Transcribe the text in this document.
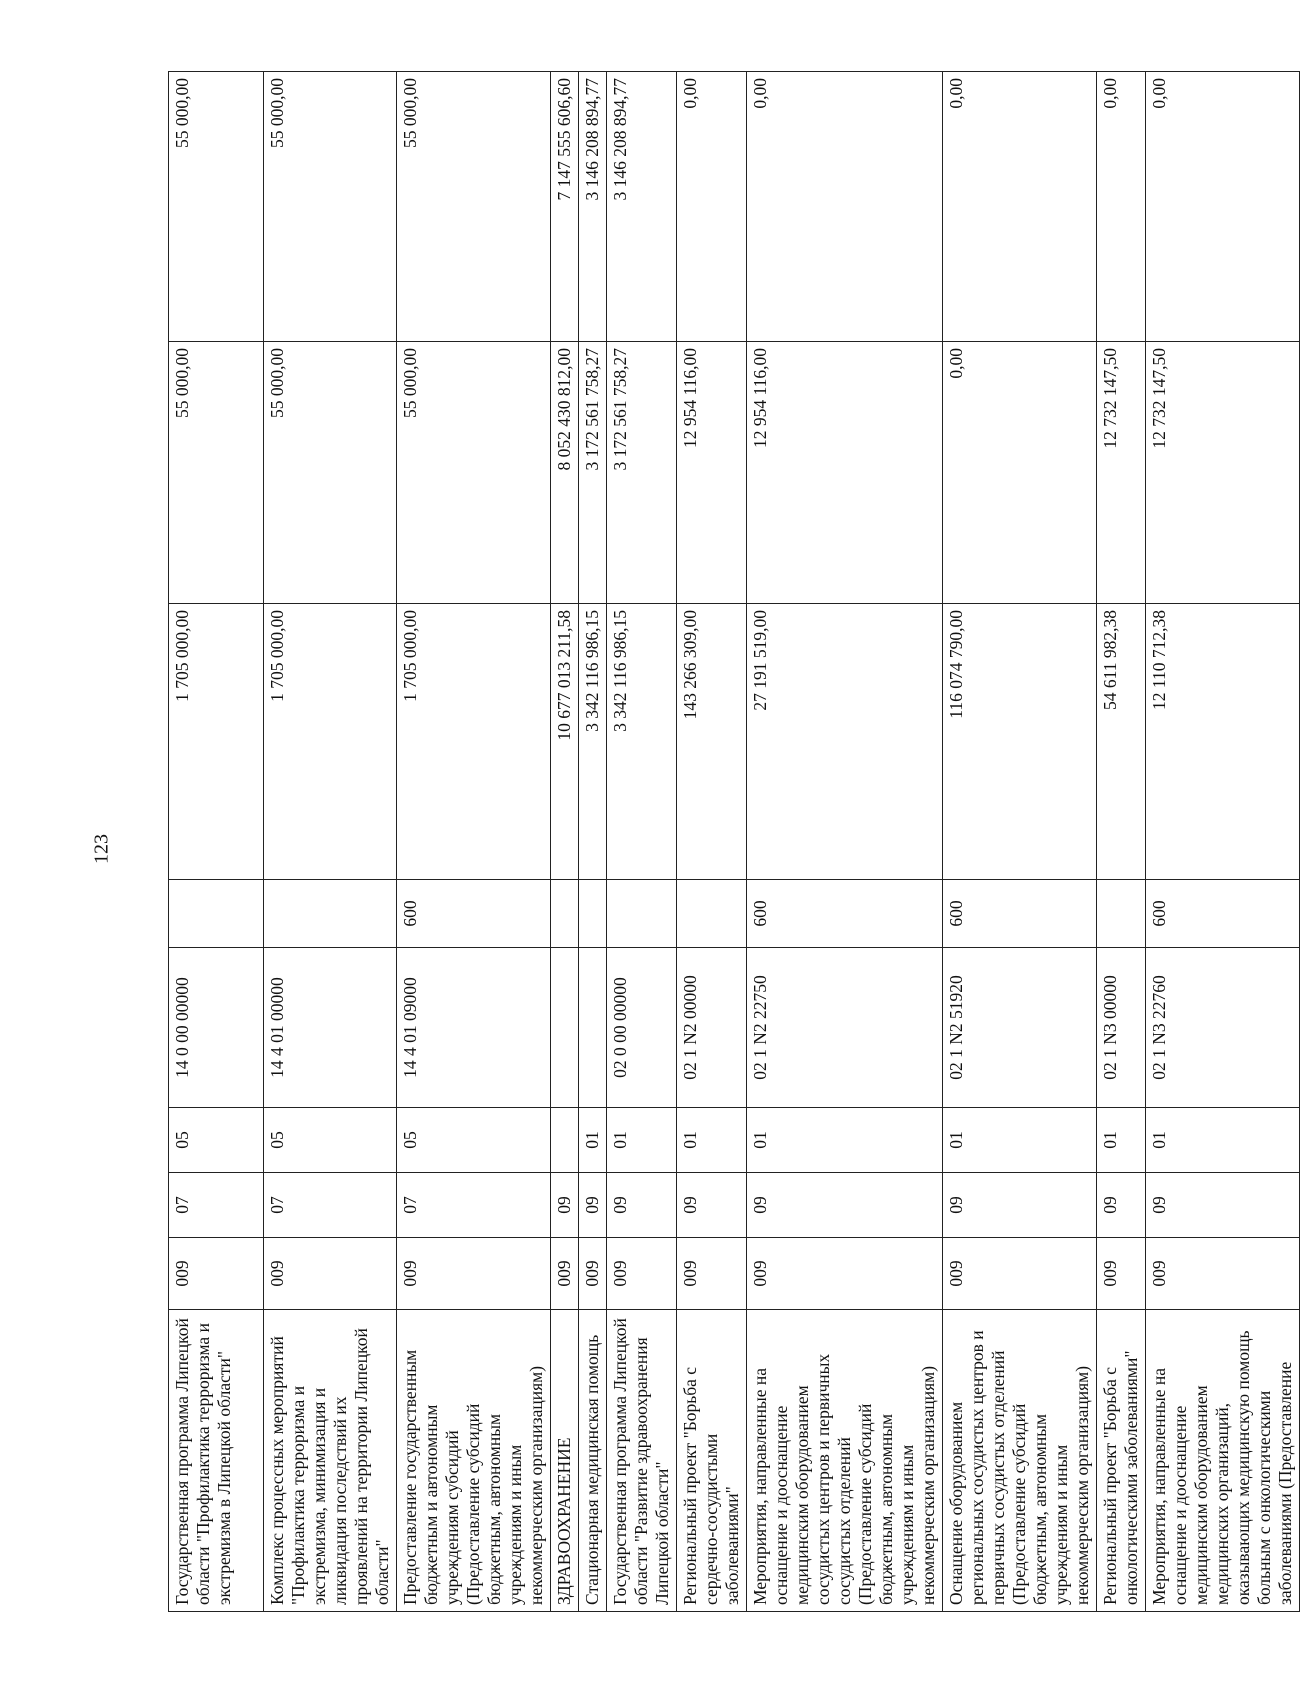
123
Государственная программа Липецкой области "Профилактика терроризма и экстремизма в Липецкой области"	009	07	05	14 0 00 00000		1 705 000,00	55 000,00	55 000,00
Комплекс процессных мероприятий "Профилактика терроризма и экстремизма, минимизация и ликвидация последствий их проявлений на территории Липецкой области"	009	07	05	14 4 01 00000		1 705 000,00	55 000,00	55 000,00
Предоставление государственным бюджетным и автономным учреждениям субсидий (Предоставление субсидий бюджетным, автономным учреждениям и иным некоммерческим организациям)	009	07	05	14 4 01 09000	600	1 705 000,00	55 000,00	55 000,00
ЗДРАВООХРАНЕНИЕ	009	09				10 677 013 211,58	8 052 430 812,00	7 147 555 606,60
Стационарная медицинская помощь	009	09	01			3 342 116 986,15	3 172 561 758,27	3 146 208 894,77
Государственная программа Липецкой области "Развитие здравоохранения Липецкой области"	009	09	01	02 0 00 00000		3 342 116 986,15	3 172 561 758,27	3 146 208 894,77
Региональный проект "Борьба с сердечно-сосудистыми заболеваниями"	009	09	01	02 1 N2 00000		143 266 309,00	12 954 116,00	0,00
Мероприятия, направленные на оснащение и дооснащение медицинским оборудованием сосудистых центров и первичных сосудистых отделений (Предоставление субсидий бюджетным, автономным учреждениям и иным некоммерческим организациям)	009	09	01	02 1 N2 22750	600	27 191 519,00	12 954 116,00	0,00
Оснащение оборудованием региональных сосудистых центров и первичных сосудистых отделений (Предоставление субсидий бюджетным, автономным учреждениям и иным некоммерческим организациям)	009	09	01	02 1 N2 51920	600	116 074 790,00	0,00	0,00
Региональный проект "Борьба с онкологическими заболеваниями"	009	09	01	02 1 N3 00000		54 611 982,38	12 732 147,50	0,00
Мероприятия, направленные на оснащение и дооснащение медицинским оборудованием медицинских организаций, оказывающих медицинскую помощь больным с онкологическими заболеваниями (Предоставление	009	09	01	02 1 N3 22760	600	12 110 712,38	12 732 147,50	0,00
